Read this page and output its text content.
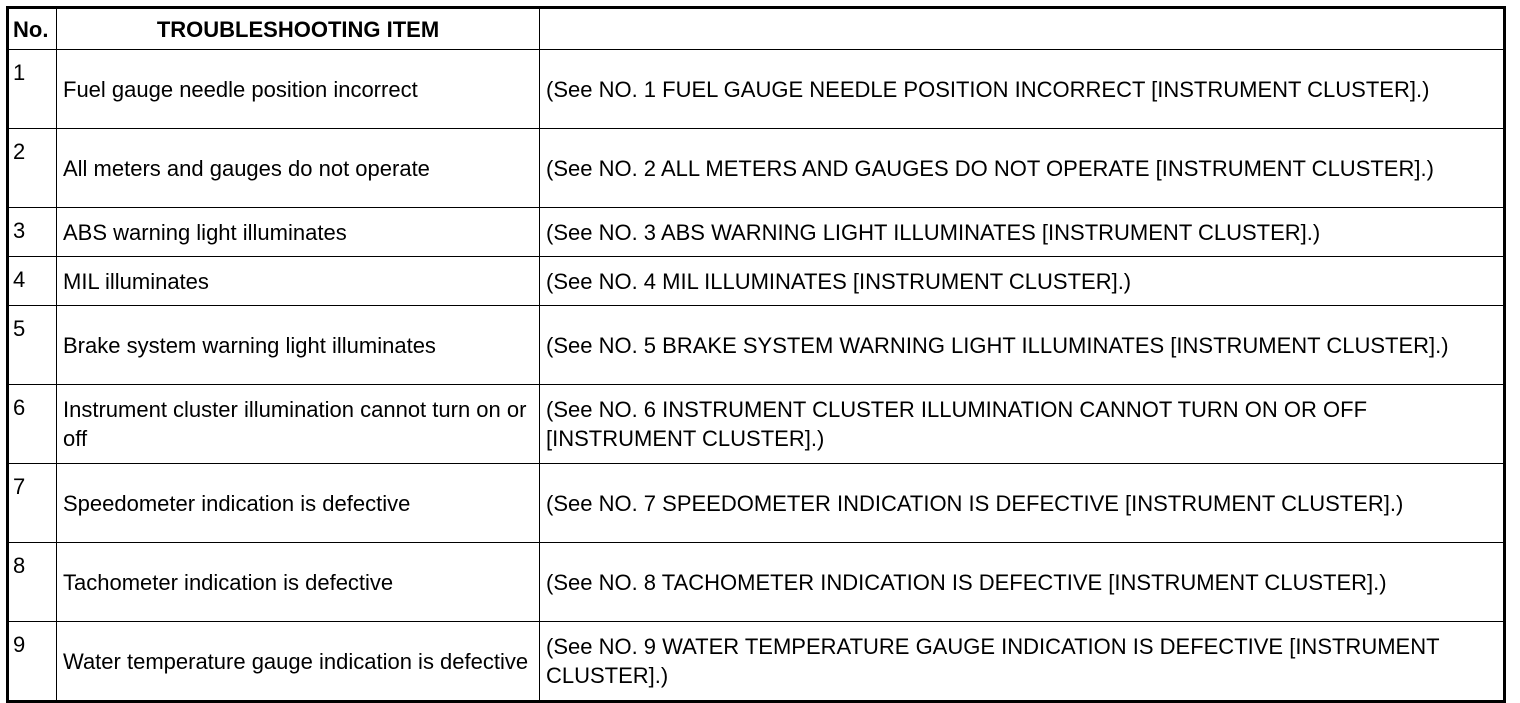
No.	TROUBLESHOOTING ITEM	
1	Fuel gauge needle position incorrect	(See NO. 1 FUEL GAUGE NEEDLE POSITION INCORRECT [INSTRUMENT CLUSTER].)
2	All meters and gauges do not operate	(See NO. 2 ALL METERS AND GAUGES DO NOT OPERATE [INSTRUMENT CLUSTER].)
3	ABS warning light illuminates	(See NO. 3 ABS WARNING LIGHT ILLUMINATES [INSTRUMENT CLUSTER].)
4	MIL illuminates	(See NO. 4 MIL ILLUMINATES [INSTRUMENT CLUSTER].)
5	Brake system warning light illuminates	(See NO. 5 BRAKE SYSTEM WARNING LIGHT ILLUMINATES [INSTRUMENT CLUSTER].)
6	Instrument cluster illumination cannot turn on or off	(See NO. 6 INSTRUMENT CLUSTER ILLUMINATION CANNOT TURN ON OR OFF [INSTRUMENT CLUSTER].)
7	Speedometer indication is defective	(See NO. 7 SPEEDOMETER INDICATION IS DEFECTIVE [INSTRUMENT CLUSTER].)
8	Tachometer indication is defective	(See NO. 8 TACHOMETER INDICATION IS DEFECTIVE [INSTRUMENT CLUSTER].)
9	Water temperature gauge indication is defective	(See NO. 9 WATER TEMPERATURE GAUGE INDICATION IS DEFECTIVE [INSTRUMENT CLUSTER].)
